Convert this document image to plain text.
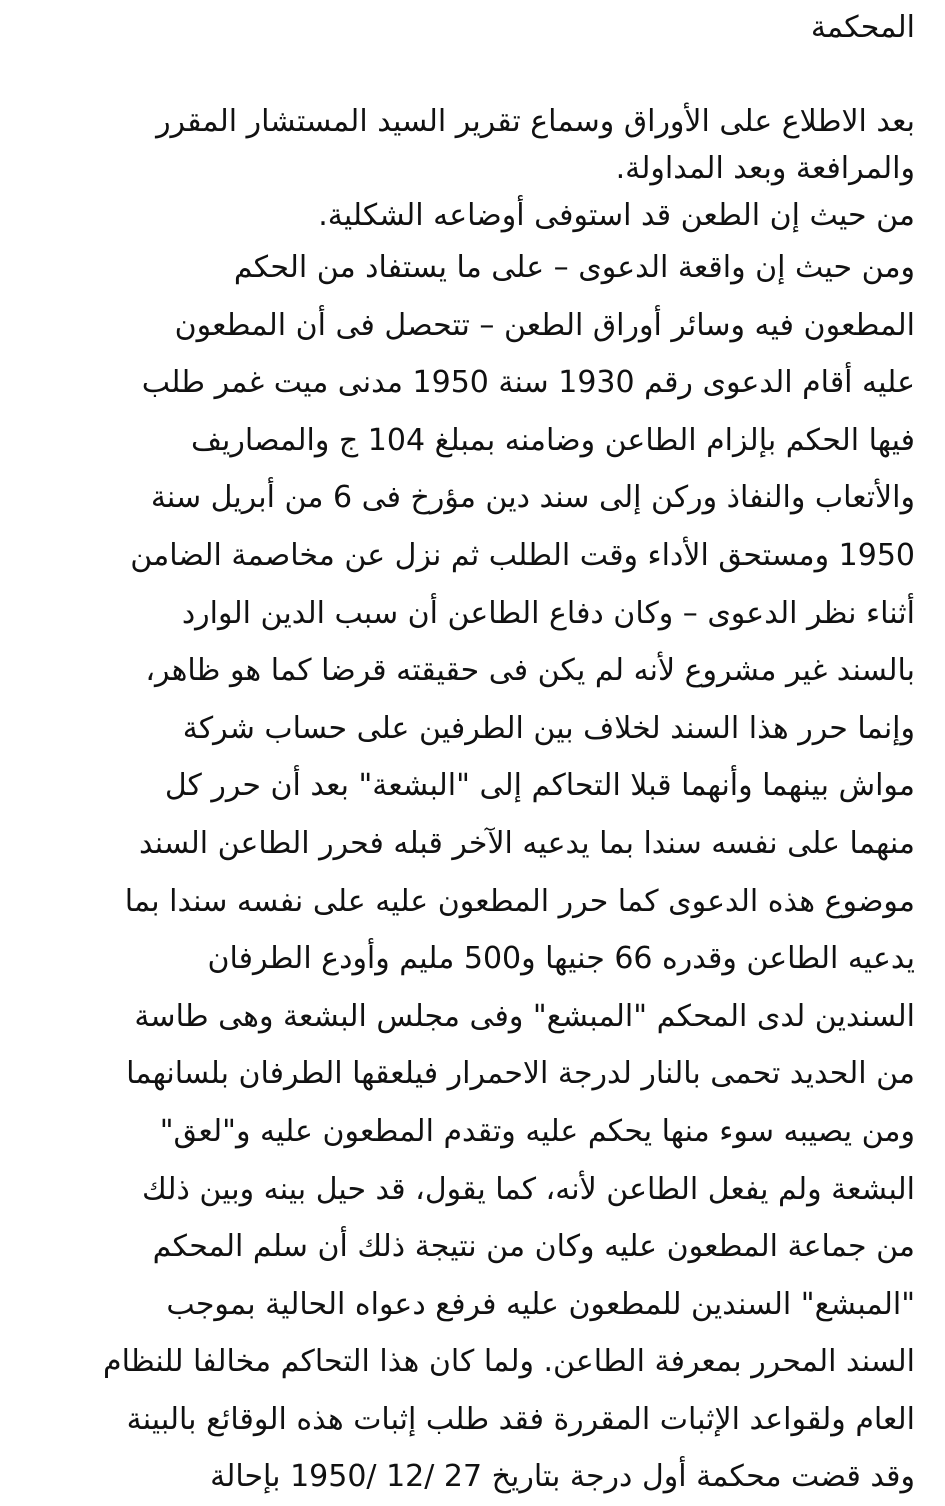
المحكمة
بعد الاطلاع على الأوراق وسماع تقرير السيد المستشار المقرر
والمرافعة وبعد المداولة.
من حيث إن الطعن قد استوفى أوضاعه الشكلية.
ومن حيث إن واقعة الدعوى – على ما يستفاد من الحكم
المطعون فيه وسائر أوراق الطعن – تتحصل فى أن المطعون
عليه أقام الدعوى رقم 1930 سنة 1950 مدنى ميت غمر طلب
فيها الحكم بإلزام الطاعن وضامنه بمبلغ 104 ج والمصاريف
والأتعاب والنفاذ وركن إلى سند دين مؤرخ فى 6 من أبريل سنة
1950 ومستحق الأداء وقت الطلب ثم نزل عن مخاصمة الضامن
أثناء نظر الدعوى – وكان دفاع الطاعن أن سبب الدين الوارد
بالسند غير مشروع لأنه لم يكن فى حقيقته قرضا كما هو ظاهر،
وإنما حرر هذا السند لخلاف بين الطرفين على حساب شركة
مواش بينهما وأنهما قبلا التحاكم إلى "البشعة" بعد أن حرر كل
منهما على نفسه سندا بما يدعيه الآخر قبله فحرر الطاعن السند
موضوع هذه الدعوى كما حرر المطعون عليه على نفسه سندا بما
يدعيه الطاعن وقدره 66 جنيها و500 مليم وأودع الطرفان
السندين لدى المحكم "المبشع" وفى مجلس البشعة وهى طاسة
من الحديد تحمى بالنار لدرجة الاحمرار فيلعقها الطرفان بلسانهما
ومن يصيبه سوء منها يحكم عليه وتقدم المطعون عليه و"لعق"
البشعة ولم يفعل الطاعن لأنه، كما يقول، قد حيل بينه وبين ذلك
من جماعة المطعون عليه وكان من نتيجة ذلك أن سلم المحكم
"المبشع" السندين للمطعون عليه فرفع دعواه الحالية بموجب
السند المحرر بمعرفة الطاعن. ولما كان هذا التحاكم مخالفا للنظام
العام ولقواعد الإثبات المقررة فقد طلب إثبات هذه الوقائع بالبينة
وقد قضت محكمة أول درجة بتاريخ 27 /12 /1950 بإحالة
